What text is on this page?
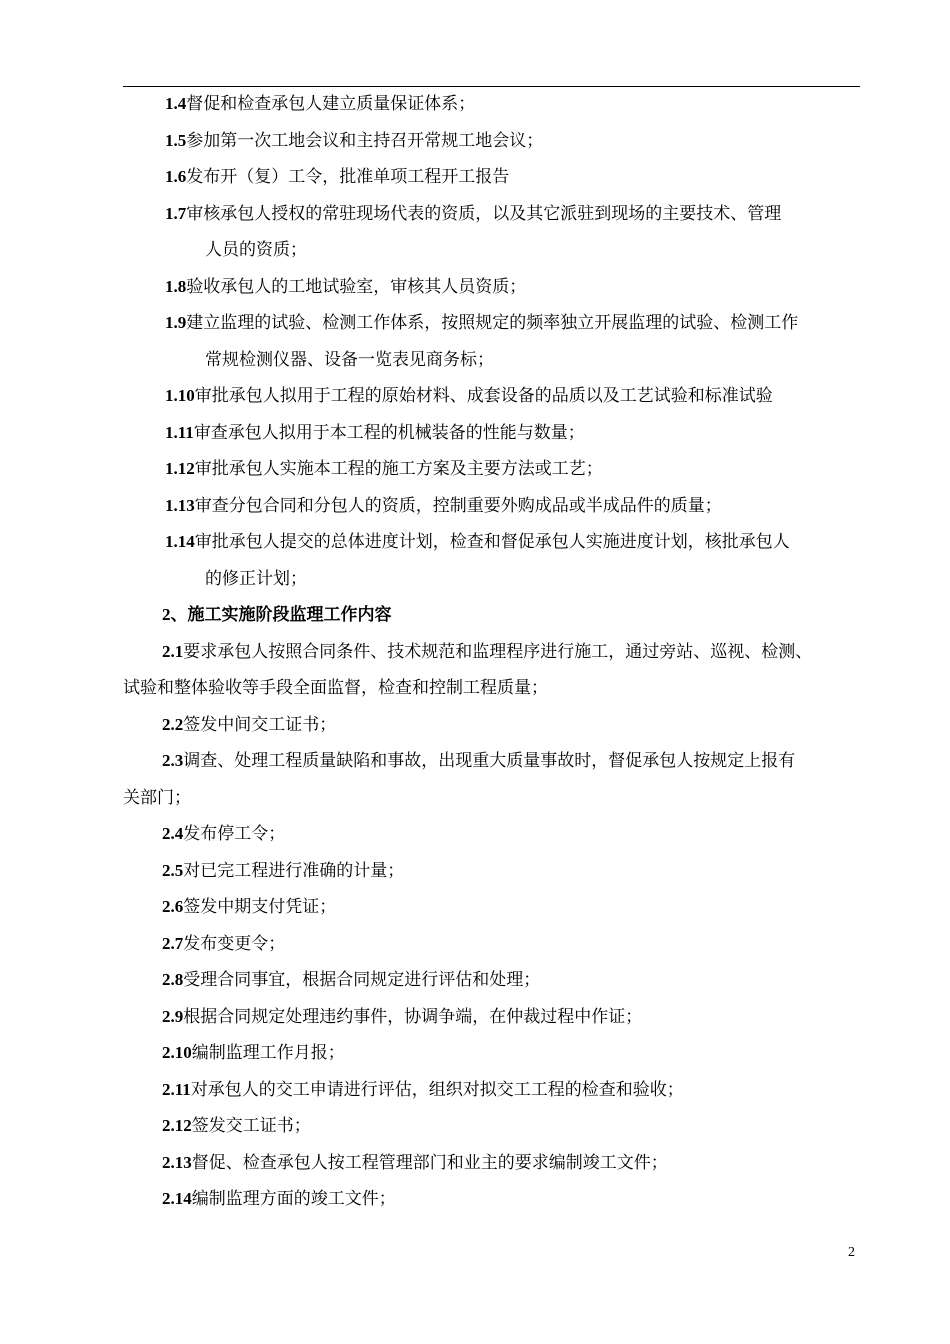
1.4督促和检查承包人建立质量保证体系；
1.5参加第一次工地会议和主持召开常规工地会议；
1.6发布开（复）工令，批准单项工程开工报告
1.7审核承包人授权的常驻现场代表的资质，以及其它派驻到现场的主要技术、管理
人员的资质；
1.8验收承包人的工地试验室，审核其人员资质；
1.9建立监理的试验、检测工作体系，按照规定的频率独立开展监理的试验、检测工作
常规检测仪器、设备一览表见商务标；
1.10审批承包人拟用于工程的原始材料、成套设备的品质以及工艺试验和标准试验
1.11审查承包人拟用于本工程的机械装备的性能与数量；
1.12审批承包人实施本工程的施工方案及主要方法或工艺；
1.13审查分包合同和分包人的资质，控制重要外购成品或半成品件的质量；
1.14审批承包人提交的总体进度计划，检查和督促承包人实施进度计划，核批承包人
的修正计划；
2、施工实施阶段监理工作内容
2.1要求承包人按照合同条件、技术规范和监理程序进行施工，通过旁站、巡视、检测、
试验和整体验收等手段全面监督，检查和控制工程质量；
2.2签发中间交工证书；
2.3调查、处理工程质量缺陷和事故，出现重大质量事故时，督促承包人按规定上报有
关部门；
2.4发布停工令；
2.5对已完工程进行准确的计量；
2.6签发中期支付凭证；
2.7发布变更令；
2.8受理合同事宜，根据合同规定进行评估和处理；
2.9根据合同规定处理违约事件，协调争端，在仲裁过程中作证；
2.10编制监理工作月报；
2.11对承包人的交工申请进行评估，组织对拟交工工程的检查和验收；
2.12签发交工证书；
2.13督促、检查承包人按工程管理部门和业主的要求编制竣工文件；
2.14编制监理方面的竣工文件；
2
